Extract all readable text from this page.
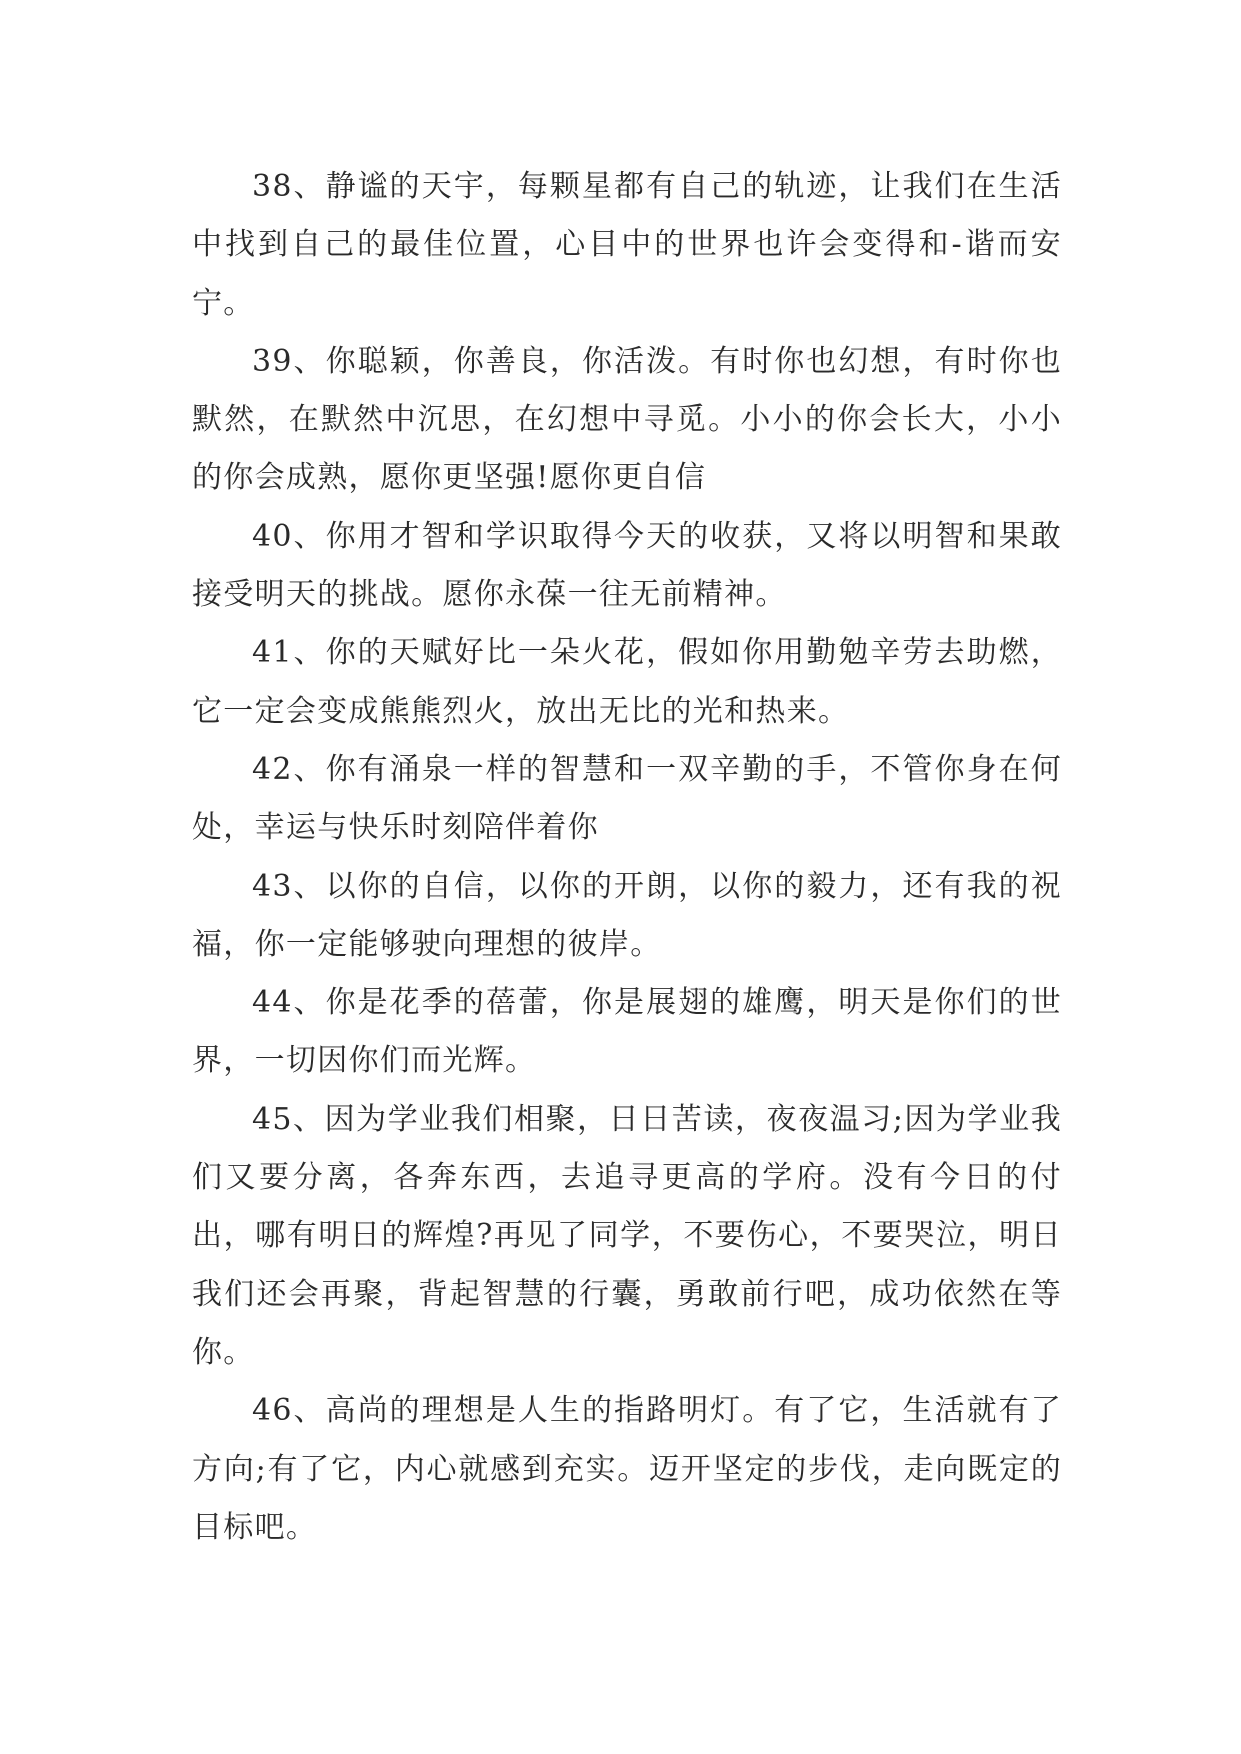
38、静谧的天宇，每颗星都有自己的轨迹，让我们在生活中找到自己的最佳位置，心目中的世界也许会变得和-谐而安宁。

39、你聪颖，你善良，你活泼。有时你也幻想，有时你也默然，在默然中沉思，在幻想中寻觅。小小的你会长大，小小的你会成熟，愿你更坚强!愿你更自信

40、你用才智和学识取得今天的收获，又将以明智和果敢接受明天的挑战。愿你永葆一往无前精神。

41、你的天赋好比一朵火花，假如你用勤勉辛劳去助燃，它一定会变成熊熊烈火，放出无比的光和热来。

42、你有涌泉一样的智慧和一双辛勤的手，不管你身在何处，幸运与快乐时刻陪伴着你

43、以你的自信，以你的开朗，以你的毅力，还有我的祝福，你一定能够驶向理想的彼岸。

44、你是花季的蓓蕾，你是展翅的雄鹰，明天是你们的世界，一切因你们而光辉。

45、因为学业我们相聚，日日苦读，夜夜温习;因为学业我们又要分离，各奔东西，去追寻更高的学府。没有今日的付出，哪有明日的辉煌?再见了同学，不要伤心，不要哭泣，明日我们还会再聚，背起智慧的行囊，勇敢前行吧，成功依然在等你。

46、高尚的理想是人生的指路明灯。有了它，生活就有了方向;有了它，内心就感到充实。迈开坚定的步伐，走向既定的目标吧。
